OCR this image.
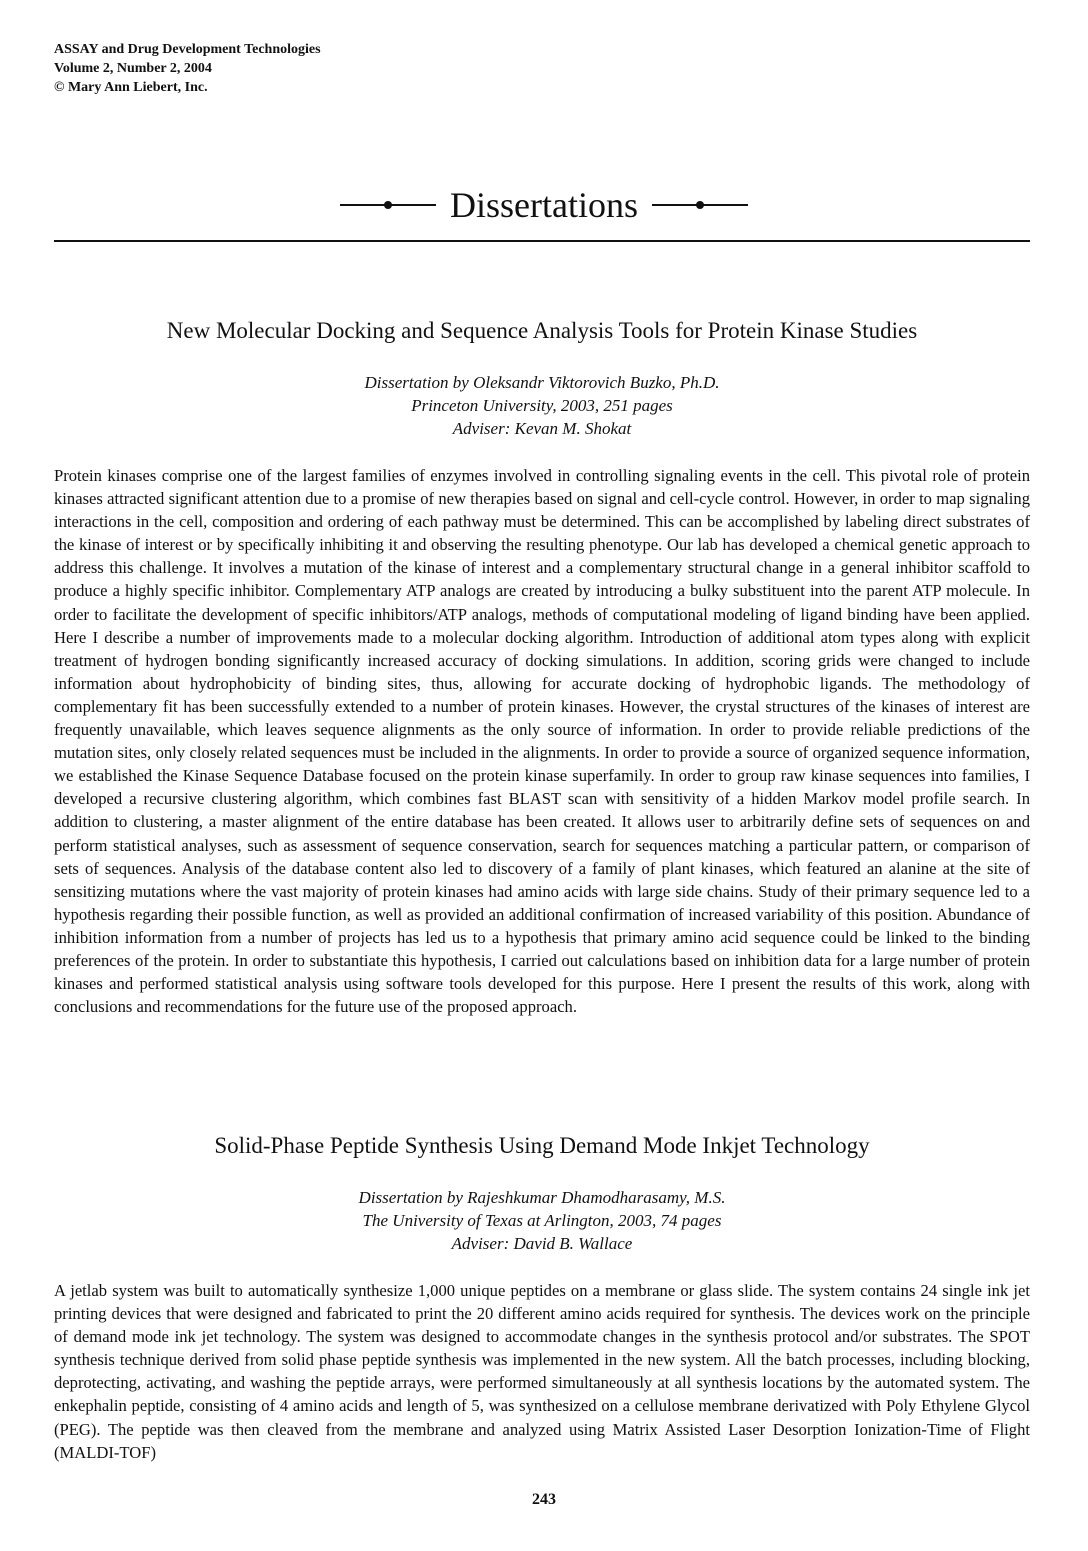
ASSAY and Drug Development Technologies
Volume 2, Number 2, 2004
© Mary Ann Liebert, Inc.
Dissertations
New Molecular Docking and Sequence Analysis Tools for Protein Kinase Studies
Dissertation by Oleksandr Viktorovich Buzko, Ph.D.
Princeton University, 2003, 251 pages
Adviser: Kevan M. Shokat

Protein kinases comprise one of the largest families of enzymes involved in controlling signaling events in the cell. This pivotal role of protein kinases attracted significant attention due to a promise of new therapies based on signal and cell-cycle control. However, in order to map signaling interactions in the cell, composition and ordering of each pathway must be determined. This can be accomplished by labeling direct substrates of the kinase of interest or by specifically inhibiting it and observing the resulting phenotype. Our lab has developed a chemical genetic approach to address this challenge. It involves a mutation of the kinase of interest and a complementary structural change in a general inhibitor scaffold to produce a highly specific inhibitor. Complementary ATP analogs are created by introducing a bulky substituent into the parent ATP molecule. In order to facilitate the development of specific inhibitors/ATP analogs, methods of computational modeling of ligand binding have been applied. Here I describe a number of improvements made to a molecular docking algorithm. Introduction of additional atom types along with explicit treatment of hydrogen bonding significantly increased accuracy of docking simulations. In addition, scoring grids were changed to include information about hydrophobicity of binding sites, thus, allowing for accurate docking of hydrophobic ligands. The methodology of complementary fit has been successfully extended to a number of protein kinases. However, the crystal structures of the kinases of interest are frequently unavailable, which leaves sequence alignments as the only source of information. In order to provide reliable predictions of the mutation sites, only closely related sequences must be included in the alignments. In order to provide a source of organized sequence information, we established the Kinase Sequence Database focused on the protein kinase superfamily. In order to group raw kinase sequences into families, I developed a recursive clustering algorithm, which combines fast BLAST scan with sensitivity of a hidden Markov model profile search. In addition to clustering, a master alignment of the entire database has been created. It allows user to arbitrarily define sets of sequences on and perform statistical analyses, such as assessment of sequence conservation, search for sequences matching a particular pattern, or comparison of sets of sequences. Analysis of the database content also led to discovery of a family of plant kinases, which featured an alanine at the site of sensitizing mutations where the vast majority of protein kinases had amino acids with large side chains. Study of their primary sequence led to a hypothesis regarding their possible function, as well as provided an additional confirmation of increased variability of this position. Abundance of inhibition information from a number of projects has led us to a hypothesis that primary amino acid sequence could be linked to the binding preferences of the protein. In order to substantiate this hypothesis, I carried out calculations based on inhibition data for a large number of protein kinases and performed statistical analysis using software tools developed for this purpose. Here I present the results of this work, along with conclusions and recommendations for the future use of the proposed approach.

Solid-Phase Peptide Synthesis Using Demand Mode Inkjet Technology
Dissertation by Rajeshkumar Dhamodharasamy, M.S.
The University of Texas at Arlington, 2003, 74 pages
Adviser: David B. Wallace

A jetlab system was built to automatically synthesize 1,000 unique peptides on a membrane or glass slide. The system contains 24 single ink jet printing devices that were designed and fabricated to print the 20 different amino acids required for synthesis. The devices work on the principle of demand mode ink jet technology. The system was designed to accommodate changes in the synthesis protocol and/or substrates. The SPOT synthesis technique derived from solid phase peptide synthesis was implemented in the new system. All the batch processes, including blocking, deprotecting, activating, and washing the peptide arrays, were performed simultaneously at all synthesis locations by the automated system. The enkephalin peptide, consisting of 4 amino acids and length of 5, was synthesized on a cellulose membrane derivatized with Poly Ethylene Glycol (PEG). The peptide was then cleaved from the membrane and analyzed using Matrix Assisted Laser Desorption Ionization-Time of Flight (MALDI-TOF)

243
